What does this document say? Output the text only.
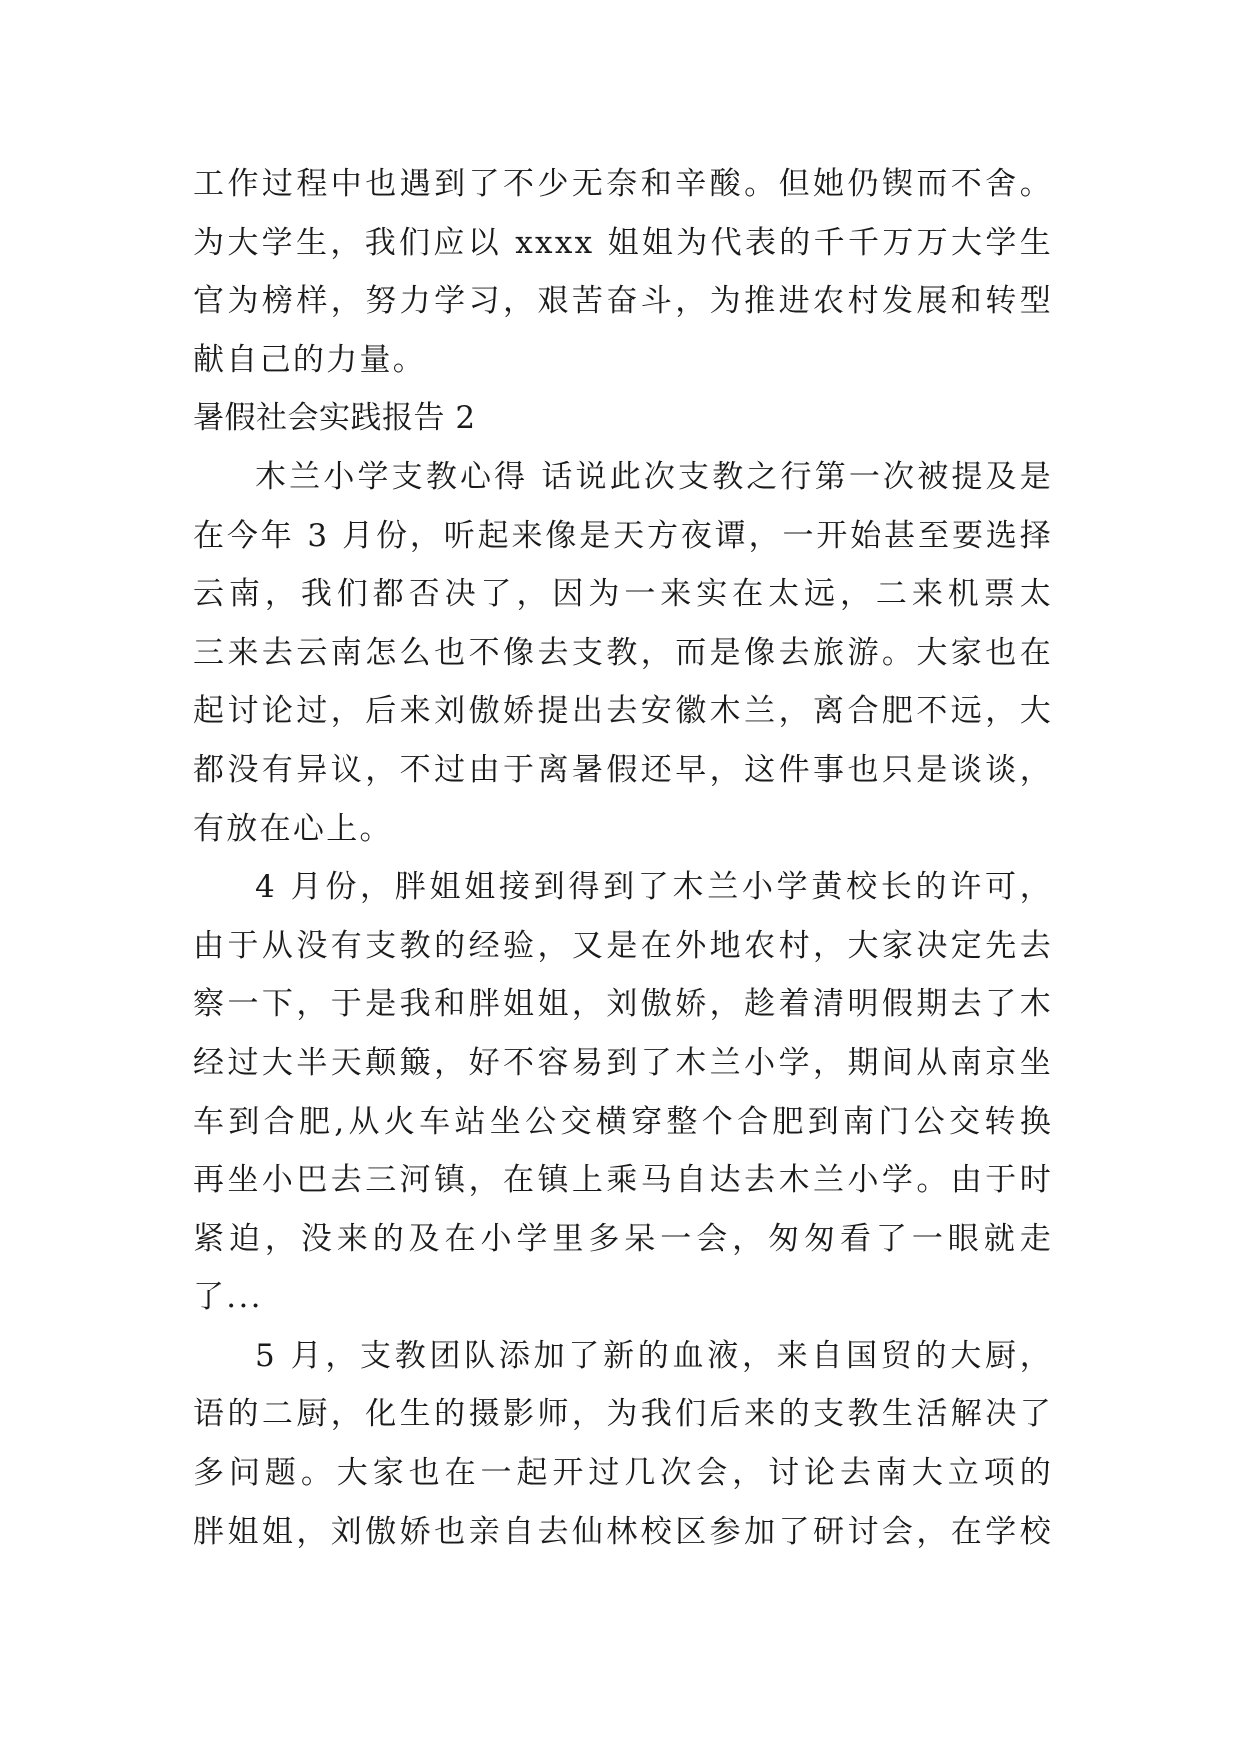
工作过程中也遇到了不少无奈和辛酸。但她仍锲而不舍。
为大学生，我们应以 xxxx 姐姐为代表的千千万万大学生
官为榜样，努力学习，艰苦奋斗，为推进农村发展和转型
献自己的力量。
暑假社会实践报告 2
木兰小学支教心得 话说此次支教之行第一次被提及是
在今年 3 月份，听起来像是天方夜谭，一开始甚至要选择
云南，我们都否决了，因为一来实在太远，二来机票太
三来去云南怎么也不像去支教，而是像去旅游。大家也在
起讨论过，后来刘傲娇提出去安徽木兰，离合肥不远，大
都没有异议，不过由于离暑假还早，这件事也只是谈谈，
有放在心上。
4 月份，胖姐姐接到得到了木兰小学黄校长的许可，
由于从没有支教的经验，又是在外地农村，大家决定先去
察一下，于是我和胖姐姐，刘傲娇，趁着清明假期去了木
经过大半天颠簸，好不容易到了木兰小学，期间从南京坐
车到合肥,从火车站坐公交横穿整个合肥到南门公交转换
再坐小巴去三河镇，在镇上乘马自达去木兰小学。由于时
紧迫，没来的及在小学里多呆一会，匆匆看了一眼就走
了...
5 月，支教团队添加了新的血液，来自国贸的大厨，
语的二厨，化生的摄影师，为我们后来的支教生活解决了
多问题。大家也在一起开过几次会，讨论去南大立项的
胖姐姐，刘傲娇也亲自去仙林校区参加了研讨会，在学校
